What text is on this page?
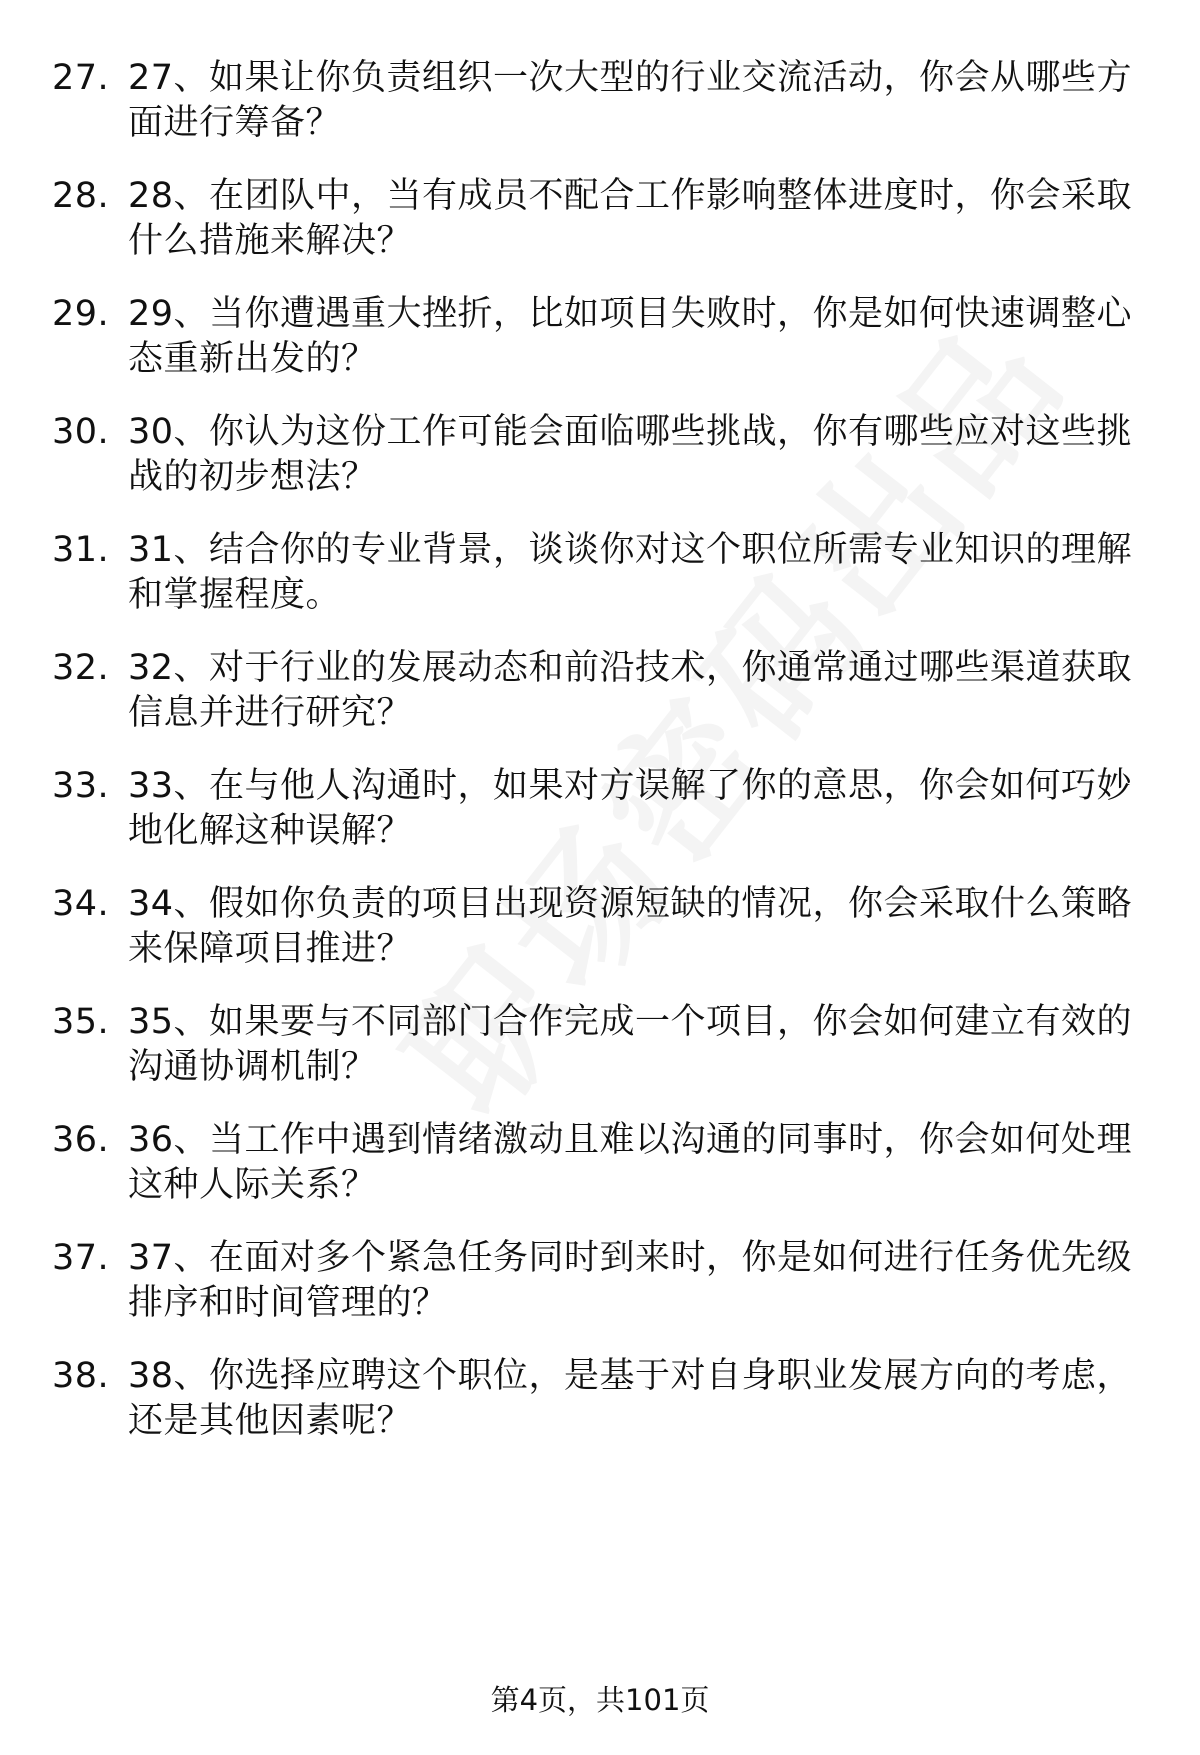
27. 27、如果让你负责组织一次大型的行业交流活动，你会从哪些方面进行筹备？
28. 28、在团队中，当有成员不配合工作影响整体进度时，你会采取什么措施来解决？
29. 29、当你遭遇重大挫折，比如项目失败时，你是如何快速调整心态重新出发的？
30. 30、你认为这份工作可能会面临哪些挑战，你有哪些应对这些挑战的初步想法？
31. 31、结合你的专业背景，谈谈你对这个职位所需专业知识的理解和掌握程度。
32. 32、对于行业的发展动态和前沿技术，你通常通过哪些渠道获取信息并进行研究？
33. 33、在与他人沟通时，如果对方误解了你的意思，你会如何巧妙地化解这种误解？
34. 34、假如你负责的项目出现资源短缺的情况，你会采取什么策略来保障项目推进？
35. 35、如果要与不同部门合作完成一个项目，你会如何建立有效的沟通协调机制？
36. 36、当工作中遇到情绪激动且难以沟通的同事时，你会如何处理这种人际关系？
37. 37、在面对多个紧急任务同时到来时，你是如何进行任务优先级排序和时间管理的？
38. 38、你选择应聘这个职位，是基于对自身职业发展方向的考虑，还是其他因素呢？
第4页，共101页
